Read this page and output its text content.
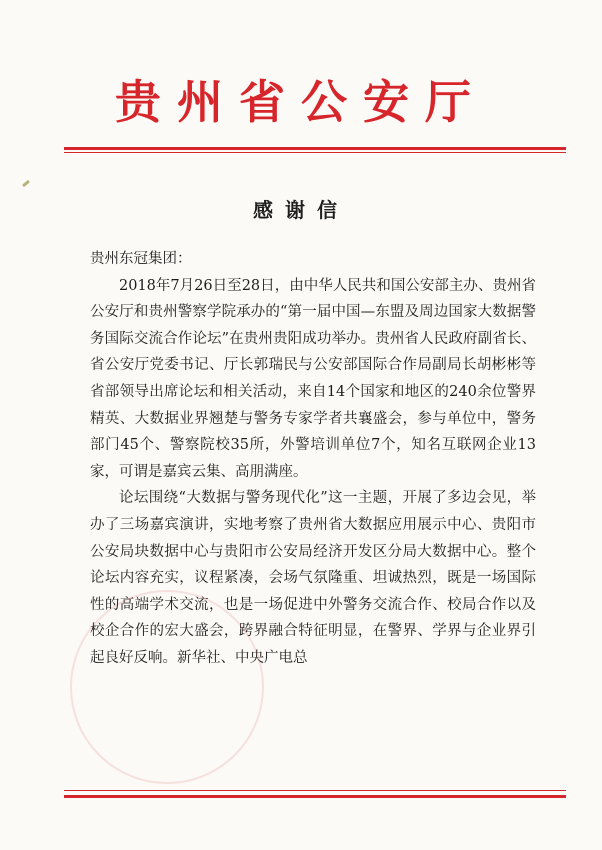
贵州省公安厅
感谢信

贵州东冠集团：

2018年7月26日至28日，由中华人民共和国公安部主办、贵州省公安厅和贵州警察学院承办的“第一届中国—东盟及周边国家大数据警务国际交流合作论坛”在贵州贵阳成功举办。贵州省人民政府副省长、省公安厅党委书记、厅长郭瑞民与公安部国际合作局副局长胡彬彬等省部领导出席论坛和相关活动，来自14个国家和地区的240余位警界精英、大数据业界翘楚与警务专家学者共襄盛会，参与单位中，警务部门45个、警察院校35所，外警培训单位7个，知名互联网企业13家，可谓是嘉宾云集、高朋满座。

论坛围绕“大数据与警务现代化”这一主题，开展了多边会见，举办了三场嘉宾演讲，实地考察了贵州省大数据应用展示中心、贵阳市公安局块数据中心与贵阳市公安局经济开发区分局大数据中心。整个论坛内容充实，议程紧凑，会场气氛隆重、坦诚热烈，既是一场国际性的高端学术交流，也是一场促进中外警务交流合作、校局合作以及校企合作的宏大盛会，跨界融合特征明显，在警界、学界与企业界引起良好反响。新华社、中央广电总
